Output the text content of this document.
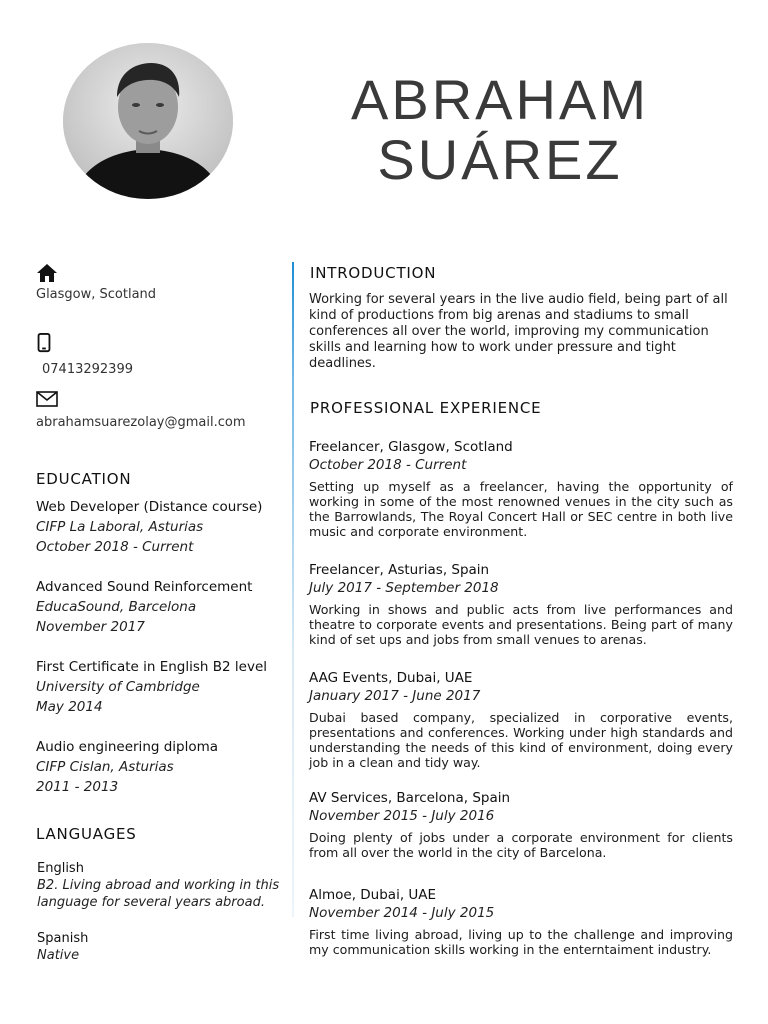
ABRAHAM
SUÁREZ
Glasgow, Scotland
07413292399
abrahamsuarezolay@gmail.com
EDUCATION
Web Developer (Distance course)
CIFP La Laboral, Asturias
October 2018 - Current
Advanced Sound Reinforcement
EducaSound, Barcelona
November 2017
First Certificate in English B2 level
University of Cambridge
May 2014
Audio engineering diploma
CIFP Cislan, Asturias
2011 - 2013
LANGUAGES
English
B2. Living abroad and working in this language for several years abroad.
Spanish
Native
INTRODUCTION

Working for several years in the live audio field, being part of all kind of productions from big arenas and stadiums to small conferences all over the world, improving my communication skills and learning how to work under pressure and tight deadlines.

PROFESSIONAL EXPERIENCE
Freelancer, Glasgow, Scotland
October 2018 - Current
Setting up myself as a freelancer, having the opportunity of working in some of the most renowned venues in the city such as the Barrowlands, The Royal Concert Hall or SEC centre in both live music and corporate environment.
Freelancer, Asturias, Spain
July 2017 - September 2018
Working in shows and public acts from live performances and theatre to corporate events and presentations. Being part of many kind of set ups and jobs from small venues to arenas.
AAG Events, Dubai, UAE
January 2017 - June 2017
Dubai based company, specialized in corporative events, presentations and conferences. Working under high standards and understanding the needs of this kind of environment, doing every job in a clean and tidy way.
AV Services, Barcelona, Spain
November 2015 - July 2016
Doing plenty of jobs under a corporate environment for clients from all over the world in the city of Barcelona.
Almoe, Dubai, UAE
November 2014 - July 2015
First time living abroad, living up to the challenge and improving my communication skills working in the enterntaiment industry.
